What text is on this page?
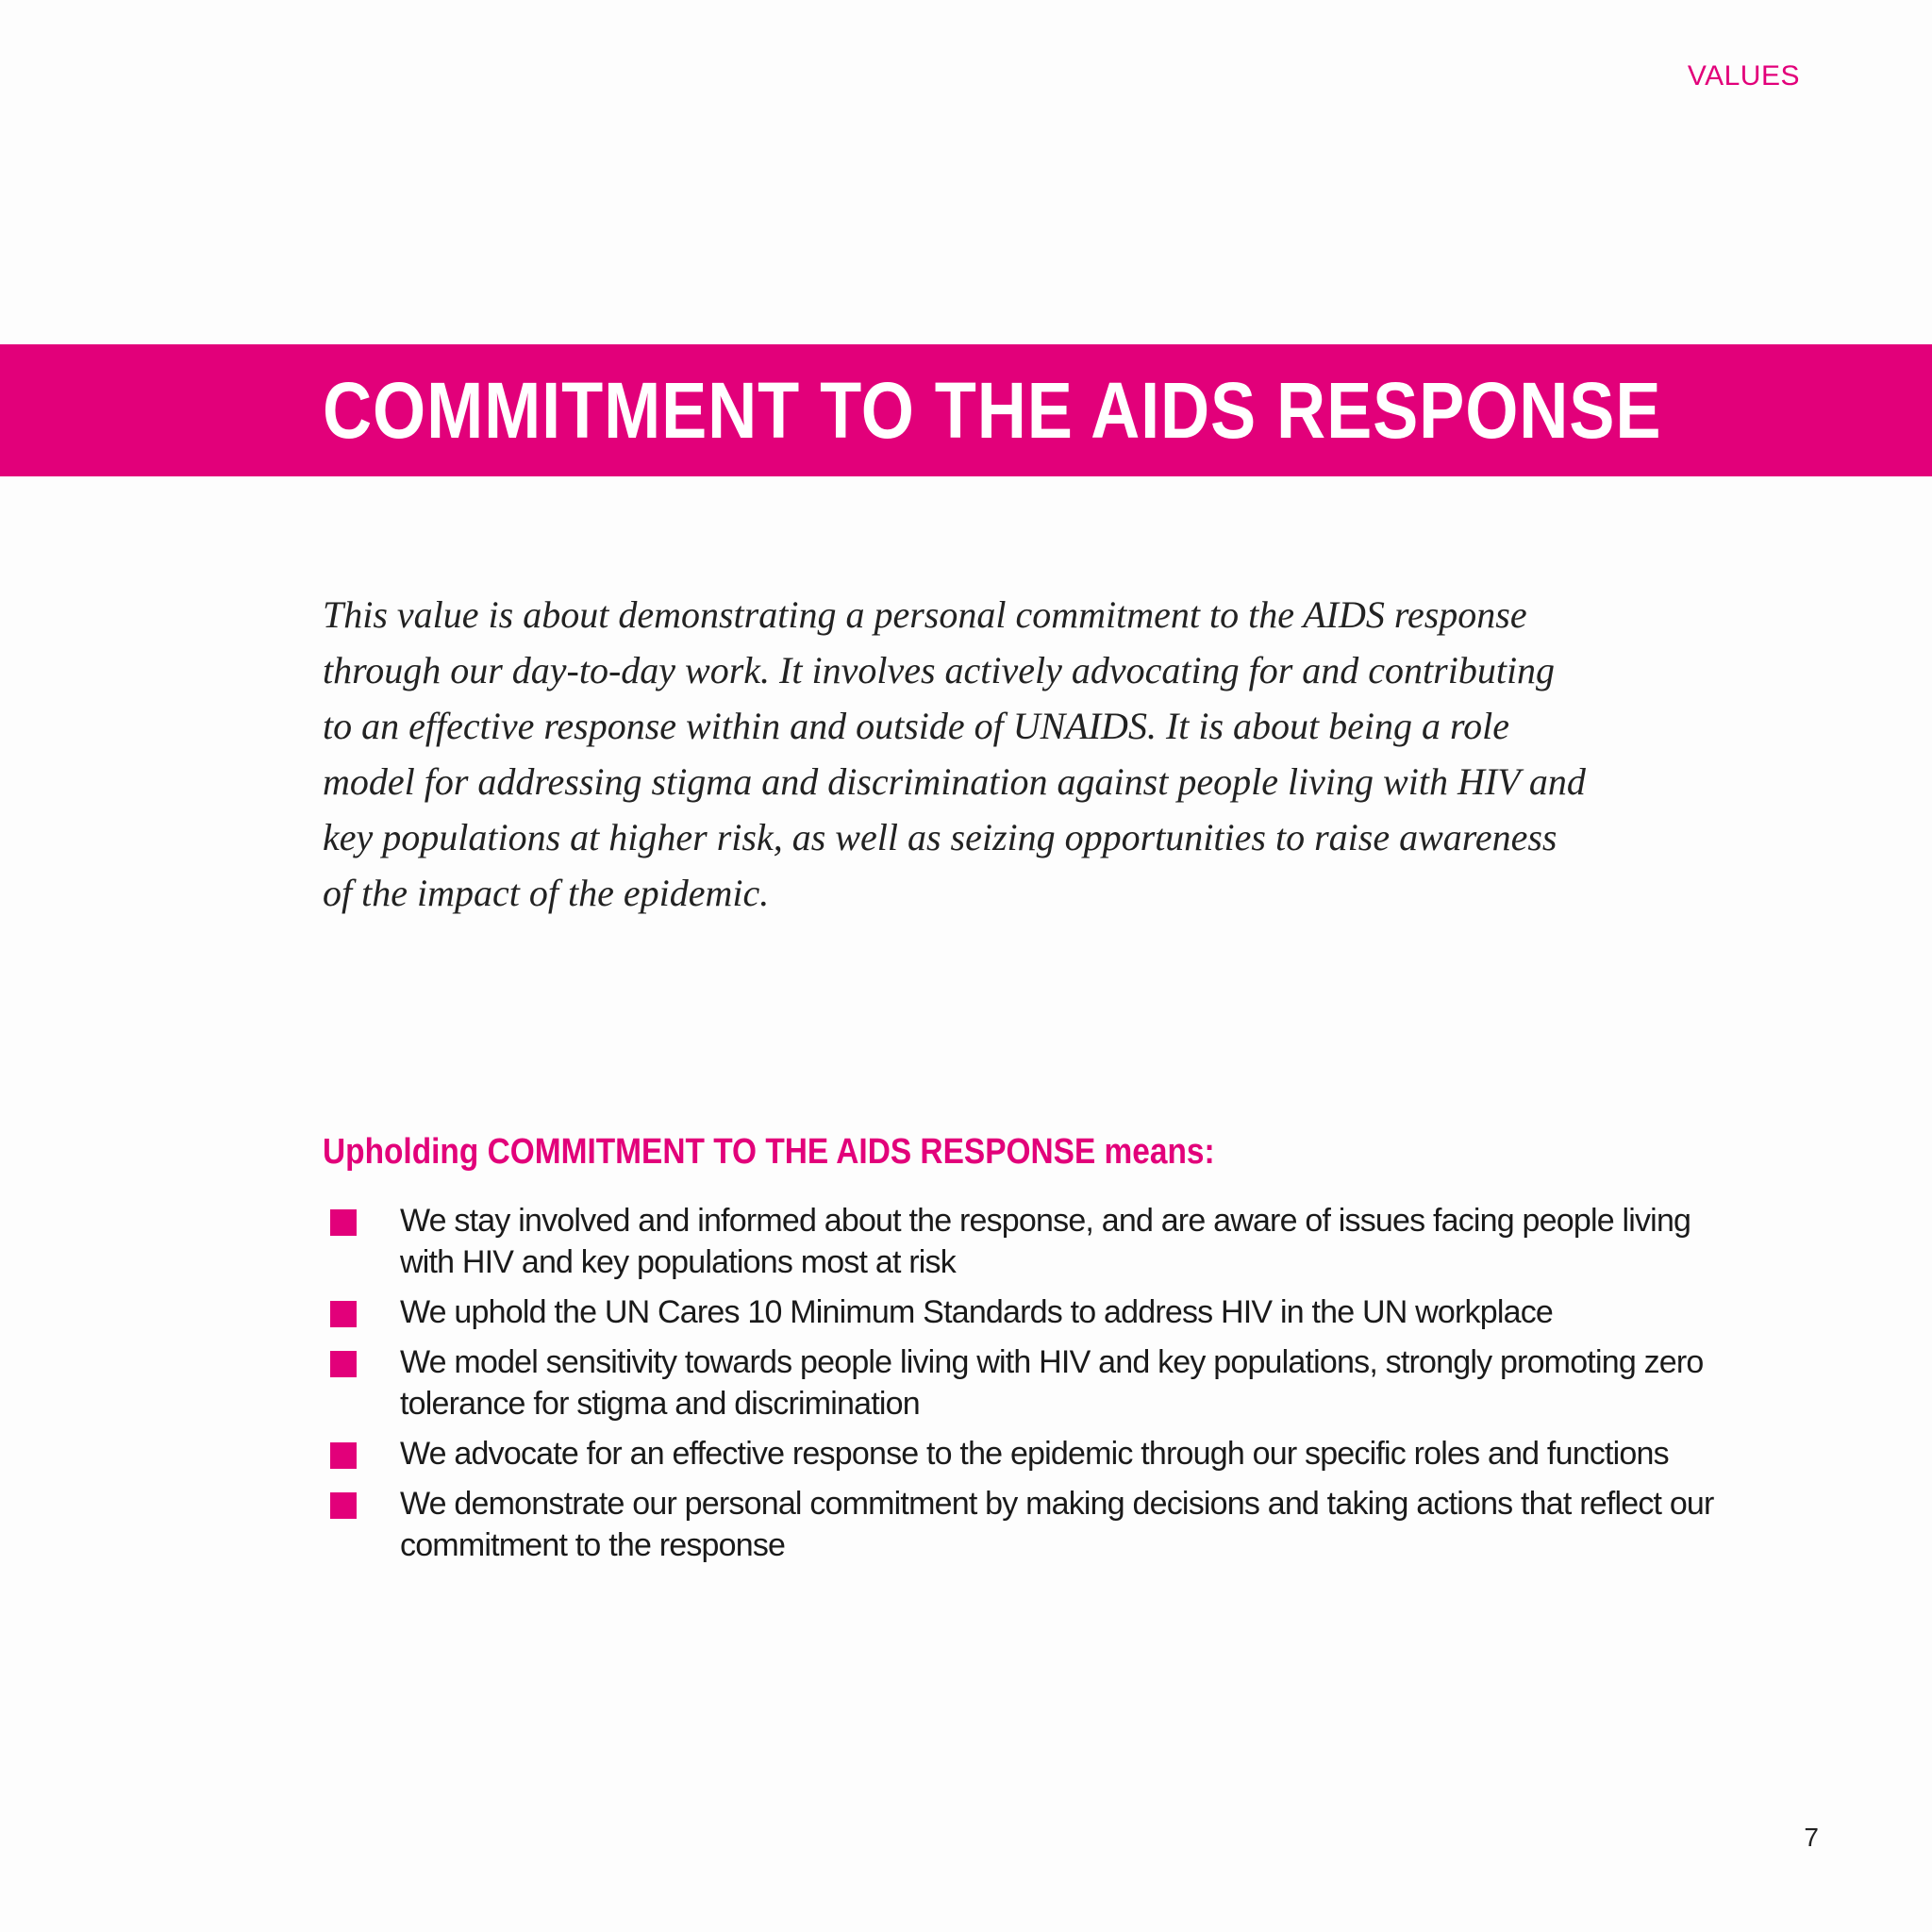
VALUES
COMMITMENT TO THE AIDS RESPONSE

This value is about demonstrating a personal commitment to the AIDS response through our day-to-day work. It involves actively advocating for and contributing to an effective response within and outside of UNAIDS. It is about being a role model for addressing stigma and discrimination against people living with HIV and key populations at higher risk, as well as seizing opportunities to raise awareness of the impact of the epidemic.

Upholding COMMITMENT TO THE AIDS RESPONSE means:
We stay involved and informed about the response, and are aware of issues facing people living with HIV and key populations most at risk
We uphold the UN Cares 10 Minimum Standards to address HIV in the UN workplace
We model sensitivity towards people living with HIV and key populations, strongly promoting zero tolerance for stigma and discrimination
We advocate for an effective response to the epidemic through our specific roles and functions
We demonstrate our personal commitment by making decisions and taking actions that reflect our commitment to the response
7
